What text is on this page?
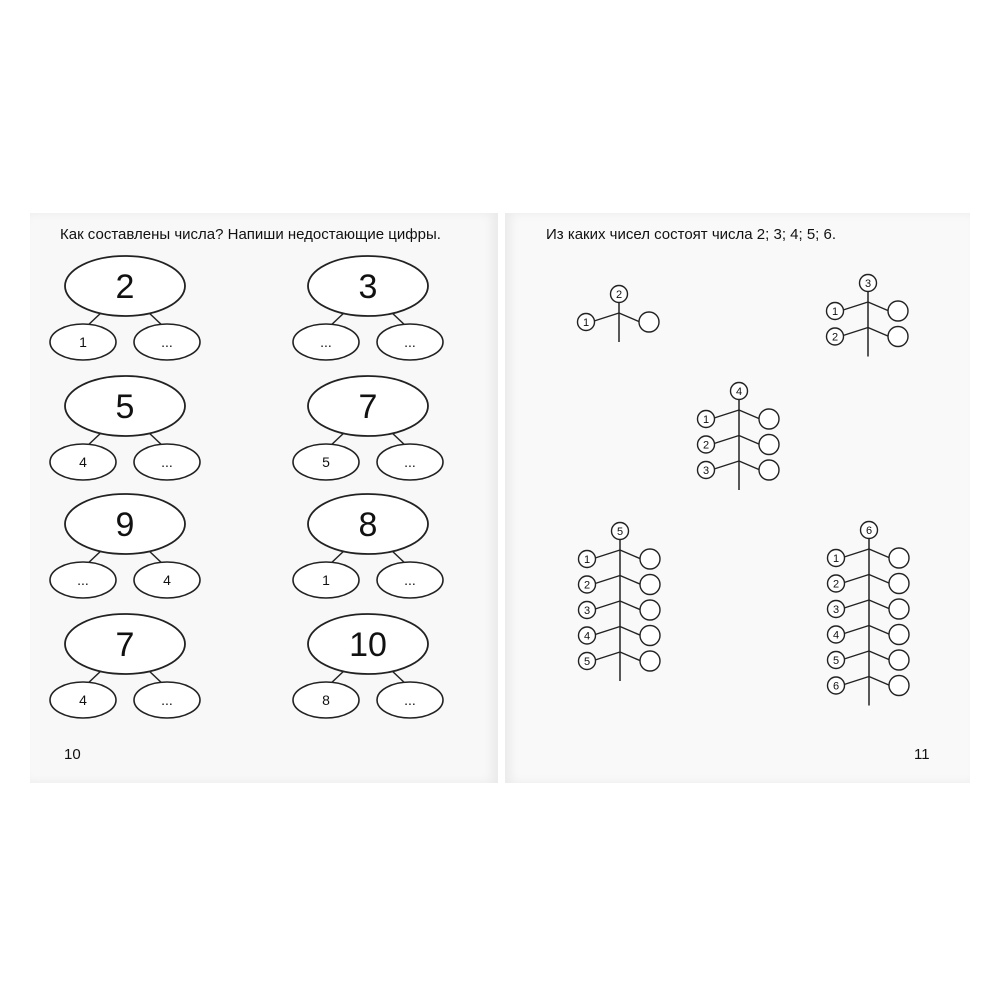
Как составлены числа? Напиши недостающие цифры.	Из каких чисел состоят числа 2; 3; 4; 5; 6.
10	11
2
1	...
3
...	...
5
4	...
7
5	...
9
...	4
8
1	...
7
4	...
10
8	...
1
2
1
2
3
1
2
3
4
1
2
3
4
5
5
1
2
3
4
5
6
6
